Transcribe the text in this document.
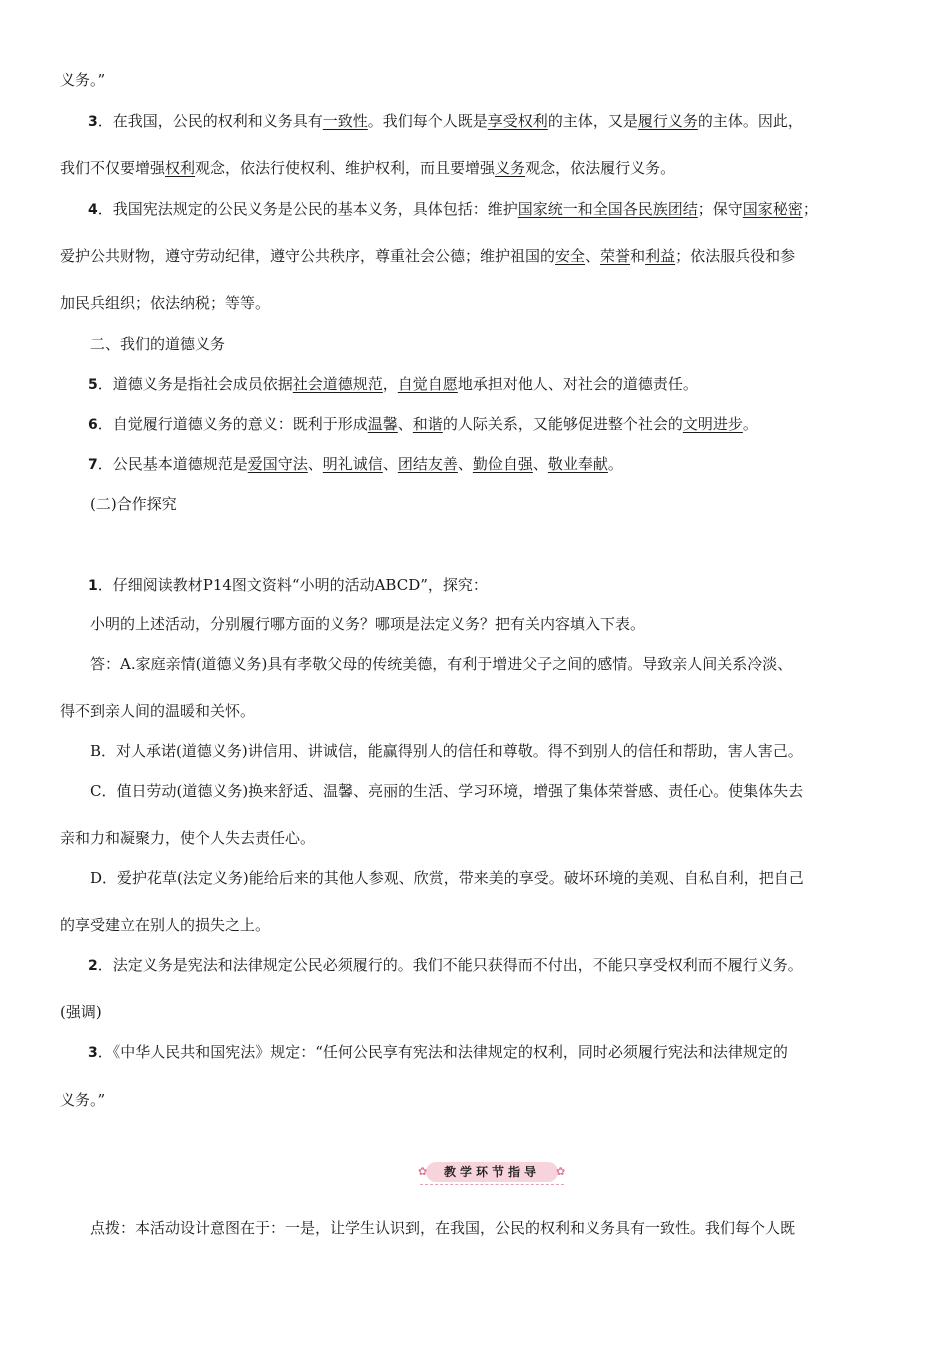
义务。”
3．在我国，公民的权利和义务具有一致性。我们每个人既是享受权利的主体，又是履行义务的主体。因此，
我们不仅要增强权利观念，依法行使权利、维护权利，而且要增强义务观念，依法履行义务。
4．我国宪法规定的公民义务是公民的基本义务，具体包括：维护国家统一和全国各民族团结；保守国家秘密；
爱护公共财物，遵守劳动纪律，遵守公共秩序，尊重社会公德；维护祖国的安全、荣誉和利益；依法服兵役和参
加民兵组织；依法纳税；等等。
二、我们的道德义务
5．道德义务是指社会成员依据社会道德规范，自觉自愿地承担对他人、对社会的道德责任。
6．自觉履行道德义务的意义：既利于形成温馨、和谐的人际关系，又能够促进整个社会的文明进步。
7．公民基本道德规范是爱国守法、明礼诚信、团结友善、勤俭自强、敬业奉献。
(二)合作探究
1．仔细阅读教材P14图文资料“小明的活动ABCD”，探究：
小明的上述活动，分别履行哪方面的义务？哪项是法定义务？把有关内容填入下表。
答：A.家庭亲情(道德义务)具有孝敬父母的传统美德，有利于增进父子之间的感情。导致亲人间关系冷淡、
得不到亲人间的温暖和关怀。
B．对人承诺(道德义务)讲信用、讲诚信，能赢得别人的信任和尊敬。得不到别人的信任和帮助，害人害己。
C．值日劳动(道德义务)换来舒适、温馨、亮丽的生活、学习环境，增强了集体荣誉感、责任心。使集体失去
亲和力和凝聚力，使个人失去责任心。
D．爱护花草(法定义务)能给后来的其他人参观、欣赏，带来美的享受。破坏环境的美观、自私自利，把自己
的享受建立在别人的损失之上。
2．法定义务是宪法和法律规定公民必须履行的。我们不能只获得而不付出，不能只享受权利而不履行义务。
(强调)
3．《中华人民共和国宪法》规定：“任何公民享有宪法和法律规定的权利，同时必须履行宪法和法律规定的
义务。”
✿	✿
教学环节指导
点拨：本活动设计意图在于：一是，让学生认识到，在我国，公民的权利和义务具有一致性。我们每个人既
